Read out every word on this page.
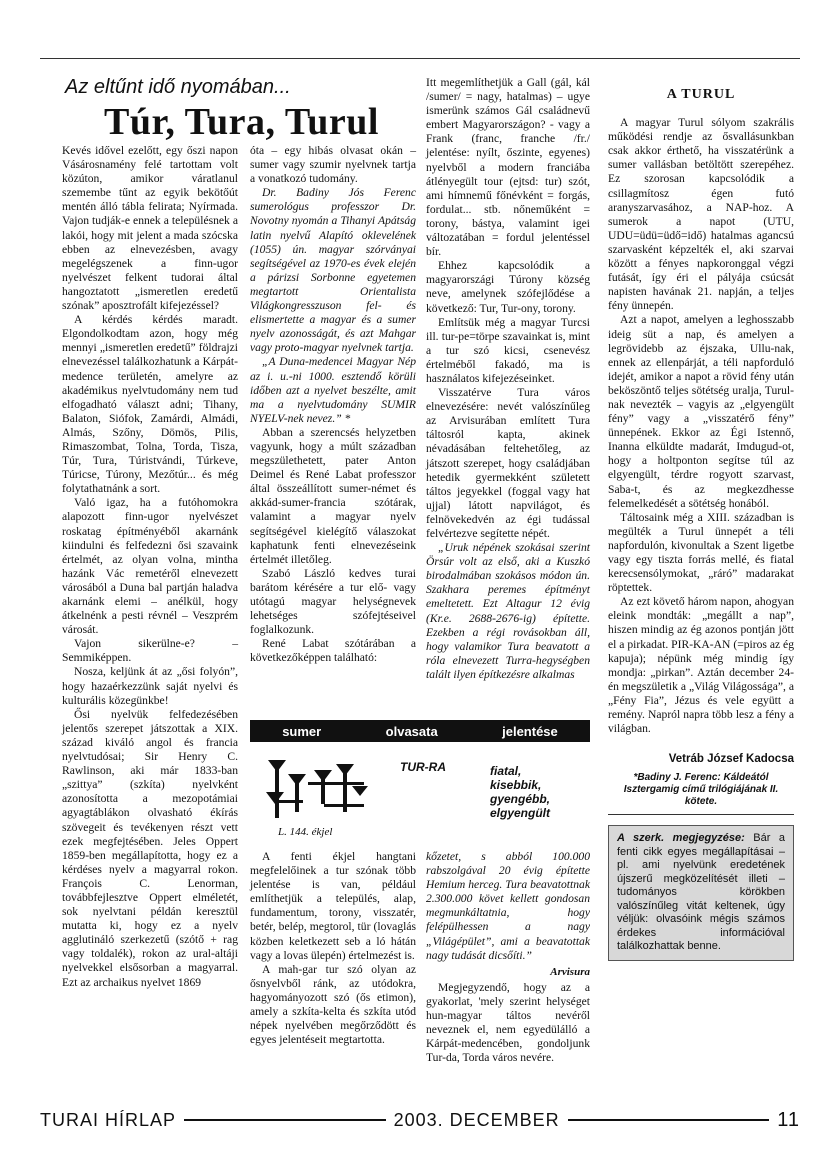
Az eltűnt idő nyomában...
Túr, Tura, Turul

Kevés idővel ezelőtt, egy őszi napon Vásárosnamény felé tartottam volt közúton, amikor váratlanul szemembe tűnt az egyik bekötőút mentén álló tábla felirata; Nyírmada. Vajon tudják-e ennek a településnek a lakói, hogy mit jelent a mada szócska ebben az elnevezésben, avagy megelégszenek a finn-ugor nyelvészet felkent tudorai által hangoztatott „ismeretlen eredetű szónak” aposztrofált kifejezéssel?

A kérdés kérdés maradt. Elgondolkodtam azon, hogy még mennyi „ismeretlen eredetű” földrajzi elnevezéssel találkozhatunk a Kárpát-medence területén, amelyre az akadémikus nyelvtudomány nem tud elfogadható választ adni; Tihany, Balaton, Siófok, Zamárdi, Almádi, Almás, Szőny, Dömös, Pilis, Rimaszombat, Tolna, Torda, Tisza, Túr, Tura, Túristvándi, Túrkeve, Túricse, Túrony, Mezőtúr... és még folytathatnánk a sort.

Való igaz, ha a futóhomokra alapozott finn-ugor nyelvészet roskatag építményéből akarnánk kiindulni és felfedezni ősi szavaink értelmét, az olyan volna, mintha hazánk Vác remetéről elnevezett városából a Duna bal partján haladva akarnánk elemi – anélkül, hogy átkelnénk a pesti révnél – Veszprém városát.

Vajon sikerülne-e? – Semmiképpen.

Nosza, keljünk át az „ősi folyón”, hogy hazaérkezzünk saját nyelvi és kulturális közegünkbe!

Ősi nyelvük felfedezésében jelentős szerepet játszottak a XIX. század kiváló angol és francia nyelvtudósai; Sir Henry C. Rawlinson, aki már 1833-ban „szittya” (szkíta) nyelvként azonosította a mezopotámiai agyagtáblákon olvasható ékírás szövegeit és tevékenyen részt vett ezek megfejtésében. Jeles Oppert 1859-ben megállapította, hogy ez a kérdéses nyelv a magyarral rokon. François C. Lenorman, továbbfejlesztve Oppert elméletét, sok nyelvtani példán keresztül mutatta ki, hogy ez a nyelv agglutináló szerkezetű (szótő + rag vagy toldalék), rokon az ural-altáji nyelvekkel elsősorban a magyarral. Ezt az archaikus nyelvet 1869

óta – egy hibás olvasat okán – sumer vagy szumir nyelvnek tartja a vonatkozó tudomány.

Dr. Badiny Jós Ferenc sumerológus professzor Dr. Novotny nyomán a Tihanyi Apátság latin nyelvű Alapító oklevelének (1055) ún. magyar szórványai segítségével az 1970-es évek elején a párizsi Sorbonne egyetemen megtartott Orientalista Világkongresszuson fel- és elismertette a magyar és a sumer nyelv azonosságát, és azt Mahgar vagy proto-magyar nyelvnek tartja.

„A Duna-medencei Magyar Nép az i. u.-ni 1000. esztendő körüli időben azt a nyelvet beszélte, amit ma a nyelvtudomány SUMIR NYELV-nek nevez.” *

Abban a szerencsés helyzetben vagyunk, hogy a múlt században megszülethetett, pater Anton Deimel és René Labat professzor által összeállított sumer-német és akkád-sumer-francia szótárak, valamint a magyar nyelv segítségével kielégítő válaszokat kaphatunk fenti elnevezéseink értelmét illetőleg.

Szabó László kedves turai barátom kérésére a tur elő- vagy utótagú magyar helységnevek lehetséges szófejtéseivel foglalkozunk.

René Labat szótárában a következőképpen található:

Itt megemlíthetjük a Gall (gál, kál /sumer/ = nagy, hatalmas) – ugye ismerünk számos Gál családnevű embert Magyarországon? - vagy a Frank (franc, franche /fr./ jelentése: nyílt, őszinte, egyenes) nyelvből a modern franciába átlényegült tour (ejtsd: tur) szót, ami hímnemű főnévként = forgás, fordulat... stb. nőneműként = torony, bástya, valamint igei változatában = fordul jelentéssel bír.

Ehhez kapcsolódik a magyarországi Túrony község neve, amelynek szófejlődése a következő: Tur, Tur-ony, torony.

Említsük még a magyar Turcsi ill. tur-pe=törpe szavainkat is, mint a tur szó kicsi, csenevész értelméből fakadó, ma is használatos kifejezéseinket.

Visszatérve Tura város elnevezésére: nevét valószínűleg az Arvisurában említett Tura táltosról kapta, akinek névadásában feltehetőleg, az játszott szerepet, hogy családjában hetedik gyermekként született táltos jegyekkel (foggal vagy hat ujjal) látott napvilágot, és felnövekedvén az égi tudással felvértezve segítette népét.

„Uruk népének szokásai szerint Örsúr volt az első, aki a Kuszkó birodalmában szokásos módon ún. Szakhara peremes építményt emeltetett. Ezt Altagur 12 évig (Kr.e. 2688-2676-ig) építette. Ezekben a régi rovásokban áll, hogy valamikor Tura beavatott a róla elnevezett Turra-hegységben talált ilyen építkezésre alkalmas

sumer	olvasata	jelentése
TUR-RA	fiatal,
kisebbik,
gyengébb,
elgyengült
L. 144. ékjel

A fenti ékjel hangtani megfelelőinek a tur szónak több jelentése is van, például említhetjük a település, alap, fundamentum, torony, visszatér, betér, belép, megtorol, tür (lovaglás közben keletkezett seb a ló hátán vagy a lovas ülepén) értelmezést is.

A mah-gar tur szó olyan az ősnyelvből ránk, az utódokra, hagyományozott szó (ős etimon), amely a szkíta-kelta és szkíta utód népek nyelvében megőrződött és egyes jelentéseit megtartotta.

kőzetet, s abból 100.000 rabszolgával 20 évig építette Hemium herceg. Tura beavatottnak 2.300.000 követ kellett gondosan megmunkáltatnia, hogy felépülhessen a nagy „Világépület”, ami a beavatottak nagy tudását dicsőíti.”

Arvisura

Megjegyzendő, hogy az a gyakorlat, 'mely szerint helységet hun-magyar táltos nevéről neveznek el, nem egyedülálló a Kárpát-medencében, gondoljunk Tur-da, Torda város nevére.

A TURUL

A magyar Turul sólyom szakrális működési rendje az ősvallásunkban csak akkor érthető, ha visszatérünk a sumer vallásban betöltött szerepéhez. Ez szorosan kapcsolódik a csillagmítosz égen futó aranyszarvasához, a NAP-hoz. A sumerok a napot (UTU, UDU=üdü=üdő=idő) hatalmas agancsú szarvasként képzelték el, aki szarvai között a fényes napkoronggal végzi futását, így éri el pályája csúcsát napisten havának 21. napján, a teljes fény ünnepén.

Azt a napot, amelyen a leghosszabb ideig süt a nap, és amelyen a legrövidebb az éjszaka, Ullu-nak, ennek az ellenpárját, a téli napforduló idejét, amikor a napot a rövid fény után beköszöntő teljes sötétség uralja, Turul-nak nevezték – vagyis az „elgyengült fény” vagy a „visszatérő fény” ünnepének. Ekkor az Égi Istennő, Inanna elküldte madarát, Imdugud-ot, hogy a holtponton segítse túl az elgyengült, térdre rogyott szarvast, Saba-t, és az megkezdhesse felemelkedését a sötétség honából.

Táltosaink még a XIII. században is megülték a Turul ünnepét a téli napfordulón, kivonultak a Szent ligetbe vagy egy tiszta forrás mellé, és fiatal kerecsensólymokat, „ráró” madarakat röptettek.

Az ezt követő három napon, ahogyan eleink mondták: „megállt a nap”, hiszen mindig az ég azonos pontján jött el a pirkadat. PIR-KA-AN (=piros az ég kapuja); népünk még mindig így mondja: „pirkan”. Aztán december 24-én megszületik a „Világ Világossága”, a „Fény Fia”, Jézus és vele együtt a remény. Napról napra több lesz a fény a világban.

Vetráb József Kadocsa
*Badiny J. Ferenc: Káldeától Isztergamig című trilógiájának II. kötete.
A szerk. megjegyzése: Bár a fenti cikk egyes megállapításai – pl. ami nyelvünk eredetének újszerű megközelítését illeti – tudományos körökben valószínűleg vitát keltenek, úgy véljük: olvasóink mégis számos érdekes információval találkozhattak benne.
TURAI HÍRLAP	2003. DECEMBER	11
